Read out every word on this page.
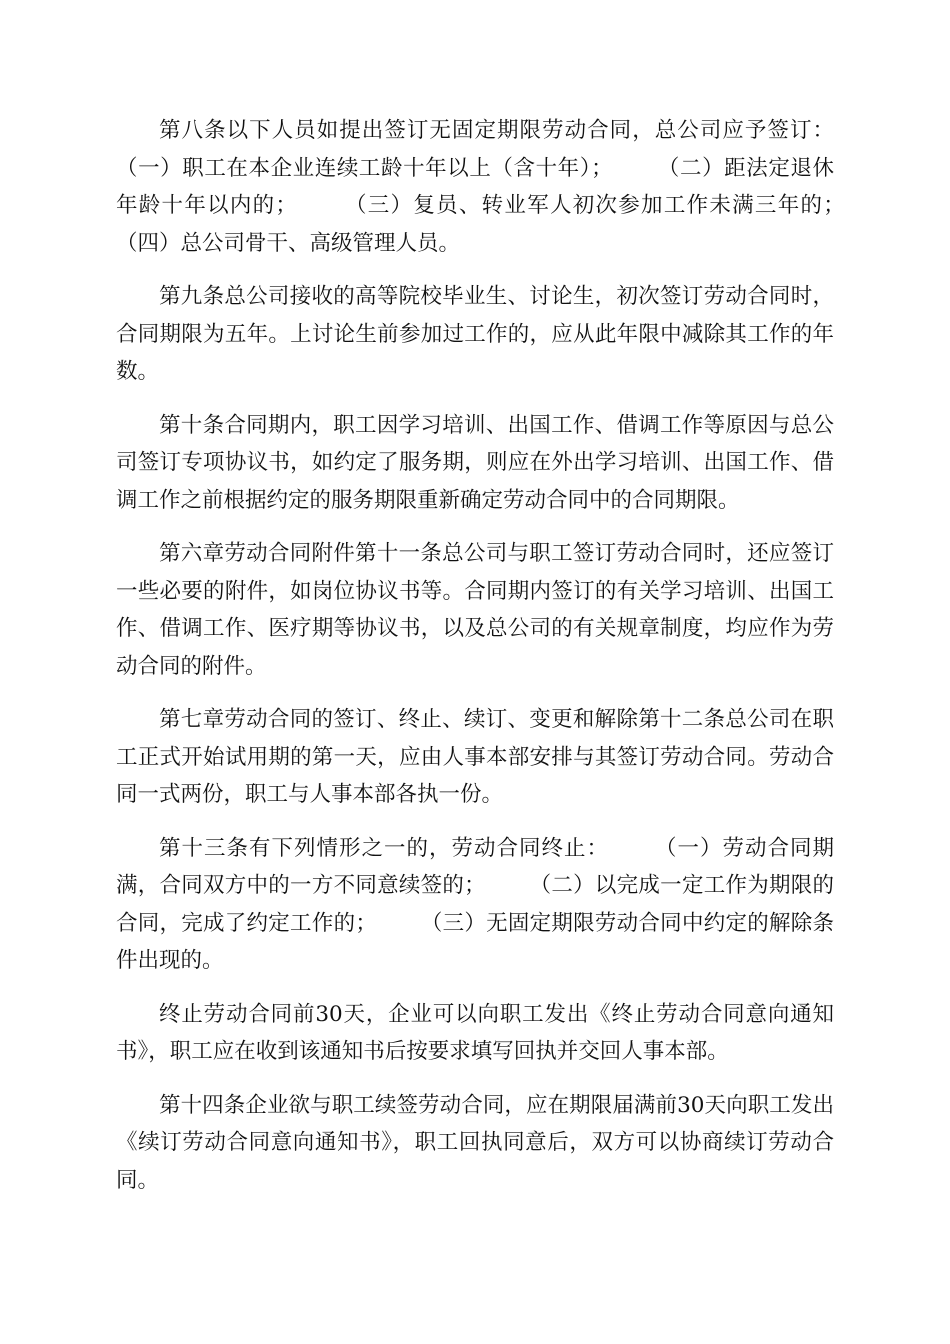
第八条以下人员如提出签订无固定期限劳动合同，总公司应予签订：（一）职工在本企业连续工龄十年以上（含十年）；　　　（二）距法定退休年龄十年以内的；　　　（三）复员、转业军人初次参加工作未满三年的；　　　（四）总公司骨干、高级管理人员。

第九条总公司接收的高等院校毕业生、讨论生，初次签订劳动合同时，合同期限为五年。上讨论生前参加过工作的，应从此年限中减除其工作的年数。

第十条合同期内，职工因学习培训、出国工作、借调工作等原因与总公司签订专项协议书，如约定了服务期，则应在外出学习培训、出国工作、借调工作之前根据约定的服务期限重新确定劳动合同中的合同期限。

第六章劳动合同附件第十一条总公司与职工签订劳动合同时，还应签订一些必要的附件，如岗位协议书等。合同期内签订的有关学习培训、出国工作、借调工作、医疗期等协议书，以及总公司的有关规章制度，均应作为劳动合同的附件。

第七章劳动合同的签订、终止、续订、变更和解除第十二条总公司在职工正式开始试用期的第一天，应由人事本部安排与其签订劳动合同。劳动合同一式两份，职工与人事本部各执一份。

第十三条有下列情形之一的，劳动合同终止：　　　（一）劳动合同期满，合同双方中的一方不同意续签的；　　　（二）以完成一定工作为期限的合同，完成了约定工作的；　　　（三）无固定期限劳动合同中约定的解除条件出现的。

终止劳动合同前30天，企业可以向职工发出《终止劳动合同意向通知书》，职工应在收到该通知书后按要求填写回执并交回人事本部。

第十四条企业欲与职工续签劳动合同，应在期限届满前30天向职工发出《续订劳动合同意向通知书》，职工回执同意后，双方可以协商续订劳动合同。
